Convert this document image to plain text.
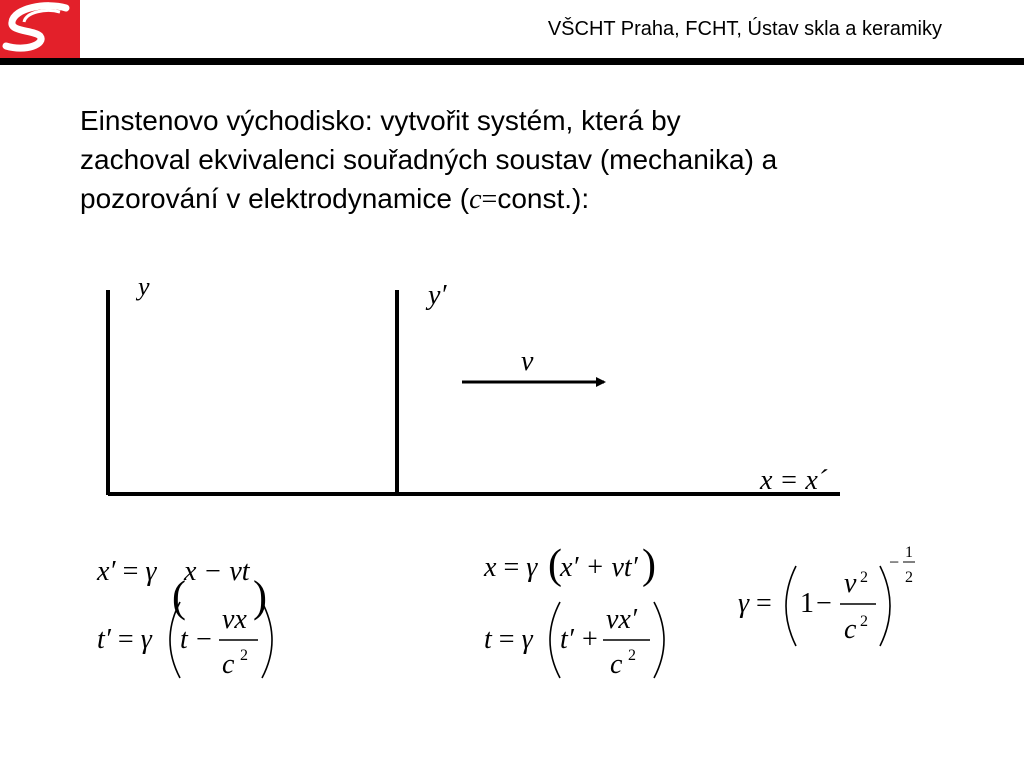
VŠCHT Praha, FCHT, Ústav skla a keramiky
Einstenovo východisko: vytvořit systém, která by
zachoval ekvivalenci souřadných soustav (mechanika) a
pozorování v elektrodynamice (c=const.):
y	y′
v
x = x´
x′ = γ
(
x − vt
)
t′ = γ t −
vx
c 2
x = γ (
x′ + vt′ )
t = γ t′ +
vx′
c 2
γ = 1 −
v 2
c 2
− 1
2
